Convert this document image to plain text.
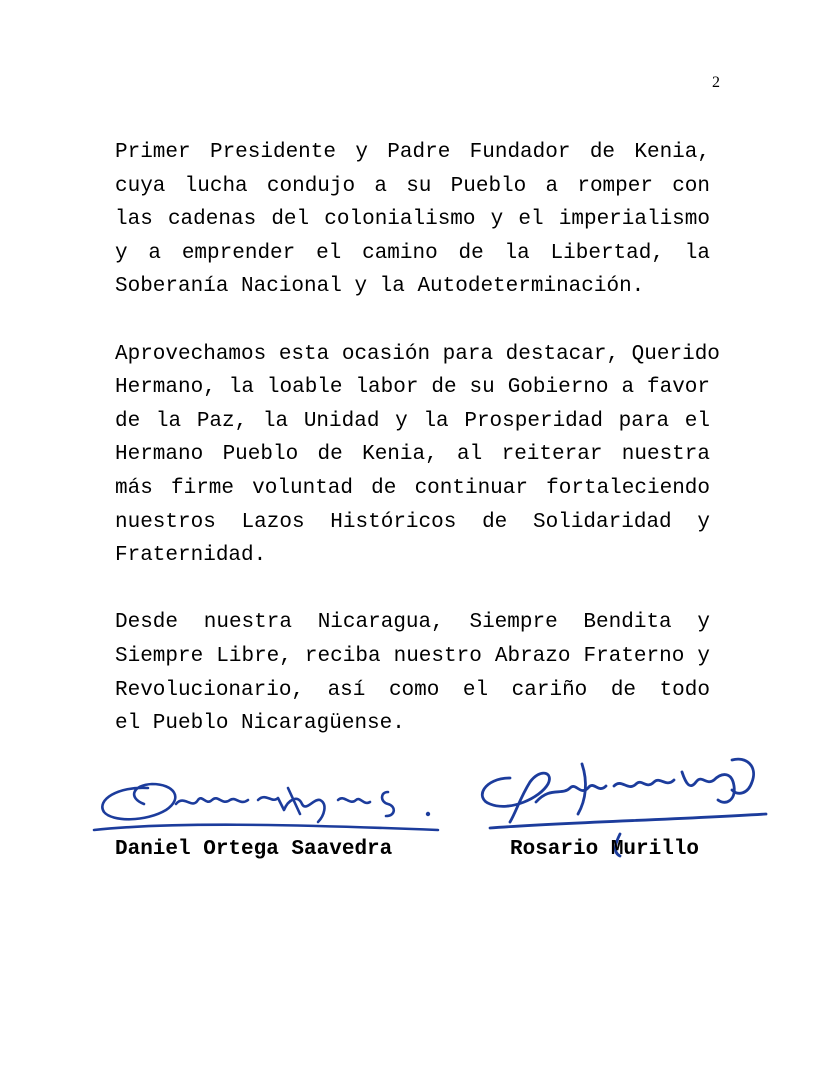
2

Primer Presidente y Padre Fundador de Kenia,
cuya lucha condujo a su Pueblo a romper con
las cadenas del colonialismo y el imperialismo
y a emprender el camino de la Libertad, la
Soberanía Nacional y la Autodeterminación.

Aprovechamos esta ocasión para destacar, Querido
Hermano, la loable labor de su Gobierno a favor
de la Paz, la Unidad y la Prosperidad para el
Hermano Pueblo de Kenia, al reiterar nuestra
más firme voluntad de continuar fortaleciendo
nuestros Lazos Históricos de Solidaridad y
Fraternidad.

Desde nuestra Nicaragua, Siempre Bendita y
Siempre Libre, reciba nuestro Abrazo Fraterno y
Revolucionario, así como el cariño de todo
el Pueblo Nicaragüense.

Daniel Ortega Saavedra	Rosario Murillo
